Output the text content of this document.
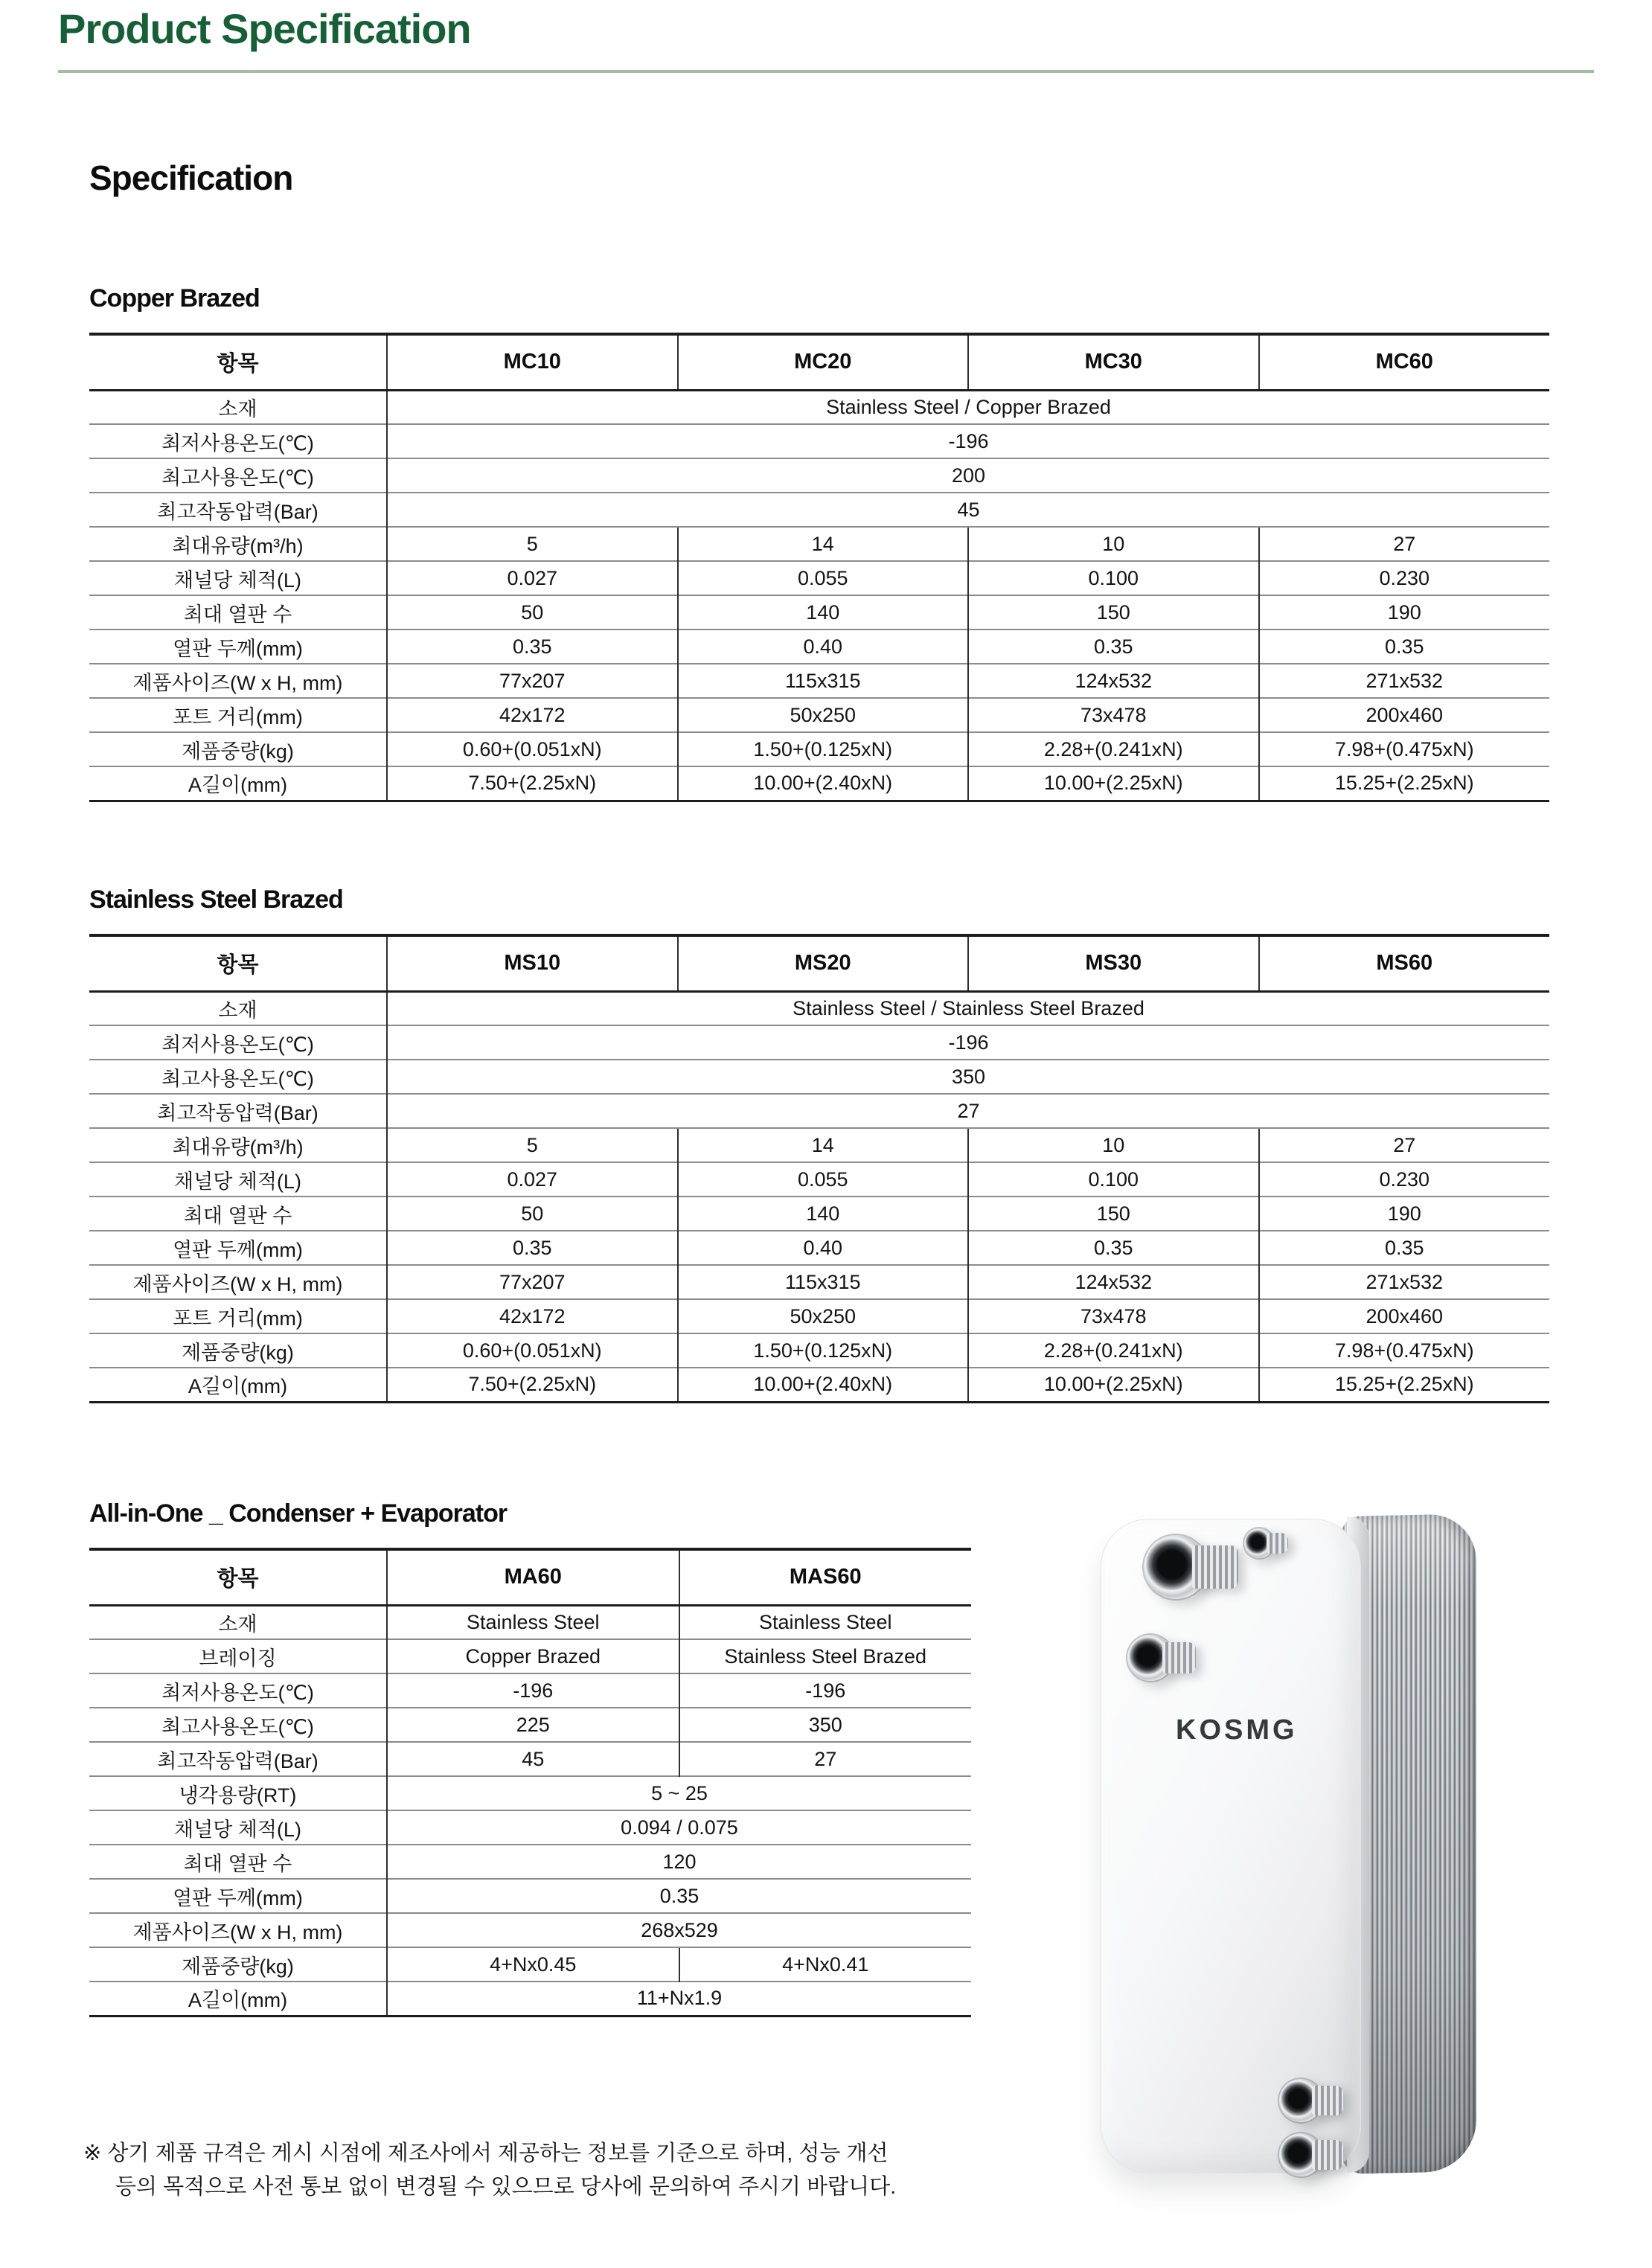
Product Specification
Specification
Copper Brazed
항목	MC10	MC20	MC30	MC60
소재	Stainless Steel / Copper Brazed			
최저사용온도(℃)	-196			
최고사용온도(℃)	200			
최고작동압력(Bar)	45			
최대유량(m³/h)	5	14	10	27
채널당 체적(L)	0.027	0.055	0.100	0.230
최대 열판 수	50	140	150	190
열판 두께(mm)	0.35	0.40	0.35	0.35
제품사이즈(W x H, mm)	77x207	115x315	124x532	271x532
포트 거리(mm)	42x172	50x250	73x478	200x460
제품중량(kg)	0.60+(0.051xN)	1.50+(0.125xN)	2.28+(0.241xN)	7.98+(0.475xN)
A길이(mm)	7.50+(2.25xN)	10.00+(2.40xN)	10.00+(2.25xN)	15.25+(2.25xN)
Stainless Steel Brazed
항목	MS10	MS20	MS30	MS60
소재	Stainless Steel / Stainless Steel Brazed			
최저사용온도(℃)	-196			
최고사용온도(℃)	350			
최고작동압력(Bar)	27			
최대유량(m³/h)	5	14	10	27
채널당 체적(L)	0.027	0.055	0.100	0.230
최대 열판 수	50	140	150	190
열판 두께(mm)	0.35	0.40	0.35	0.35
제품사이즈(W x H, mm)	77x207	115x315	124x532	271x532
포트 거리(mm)	42x172	50x250	73x478	200x460
제품중량(kg)	0.60+(0.051xN)	1.50+(0.125xN)	2.28+(0.241xN)	7.98+(0.475xN)
A길이(mm)	7.50+(2.25xN)	10.00+(2.40xN)	10.00+(2.25xN)	15.25+(2.25xN)
All-in-One _ Condenser + Evaporator
항목	MA60	MAS60
소재	Stainless Steel	Stainless Steel
브레이징	Copper Brazed	Stainless Steel Brazed
최저사용온도(℃)	-196	-196
최고사용온도(℃)	225	350
최고작동압력(Bar)	45	27
냉각용량(RT)	5 ~ 25	
채널당 체적(L)	0.094 / 0.075	
최대 열판 수	120	
열판 두께(mm)	0.35	
제품사이즈(W x H, mm)	268x529	
제품중량(kg)	4+Nx0.45	4+Nx0.41
A길이(mm)	11+Nx1.9	
※ 상기 제품 규격은 게시 시점에 제조사에서 제공하는 정보를 기준으로 하며, 성능 개선
등의 목적으로 사전 통보 없이 변경될 수 있으므로 당사에 문의하여 주시기 바랍니다.
KOSMG
